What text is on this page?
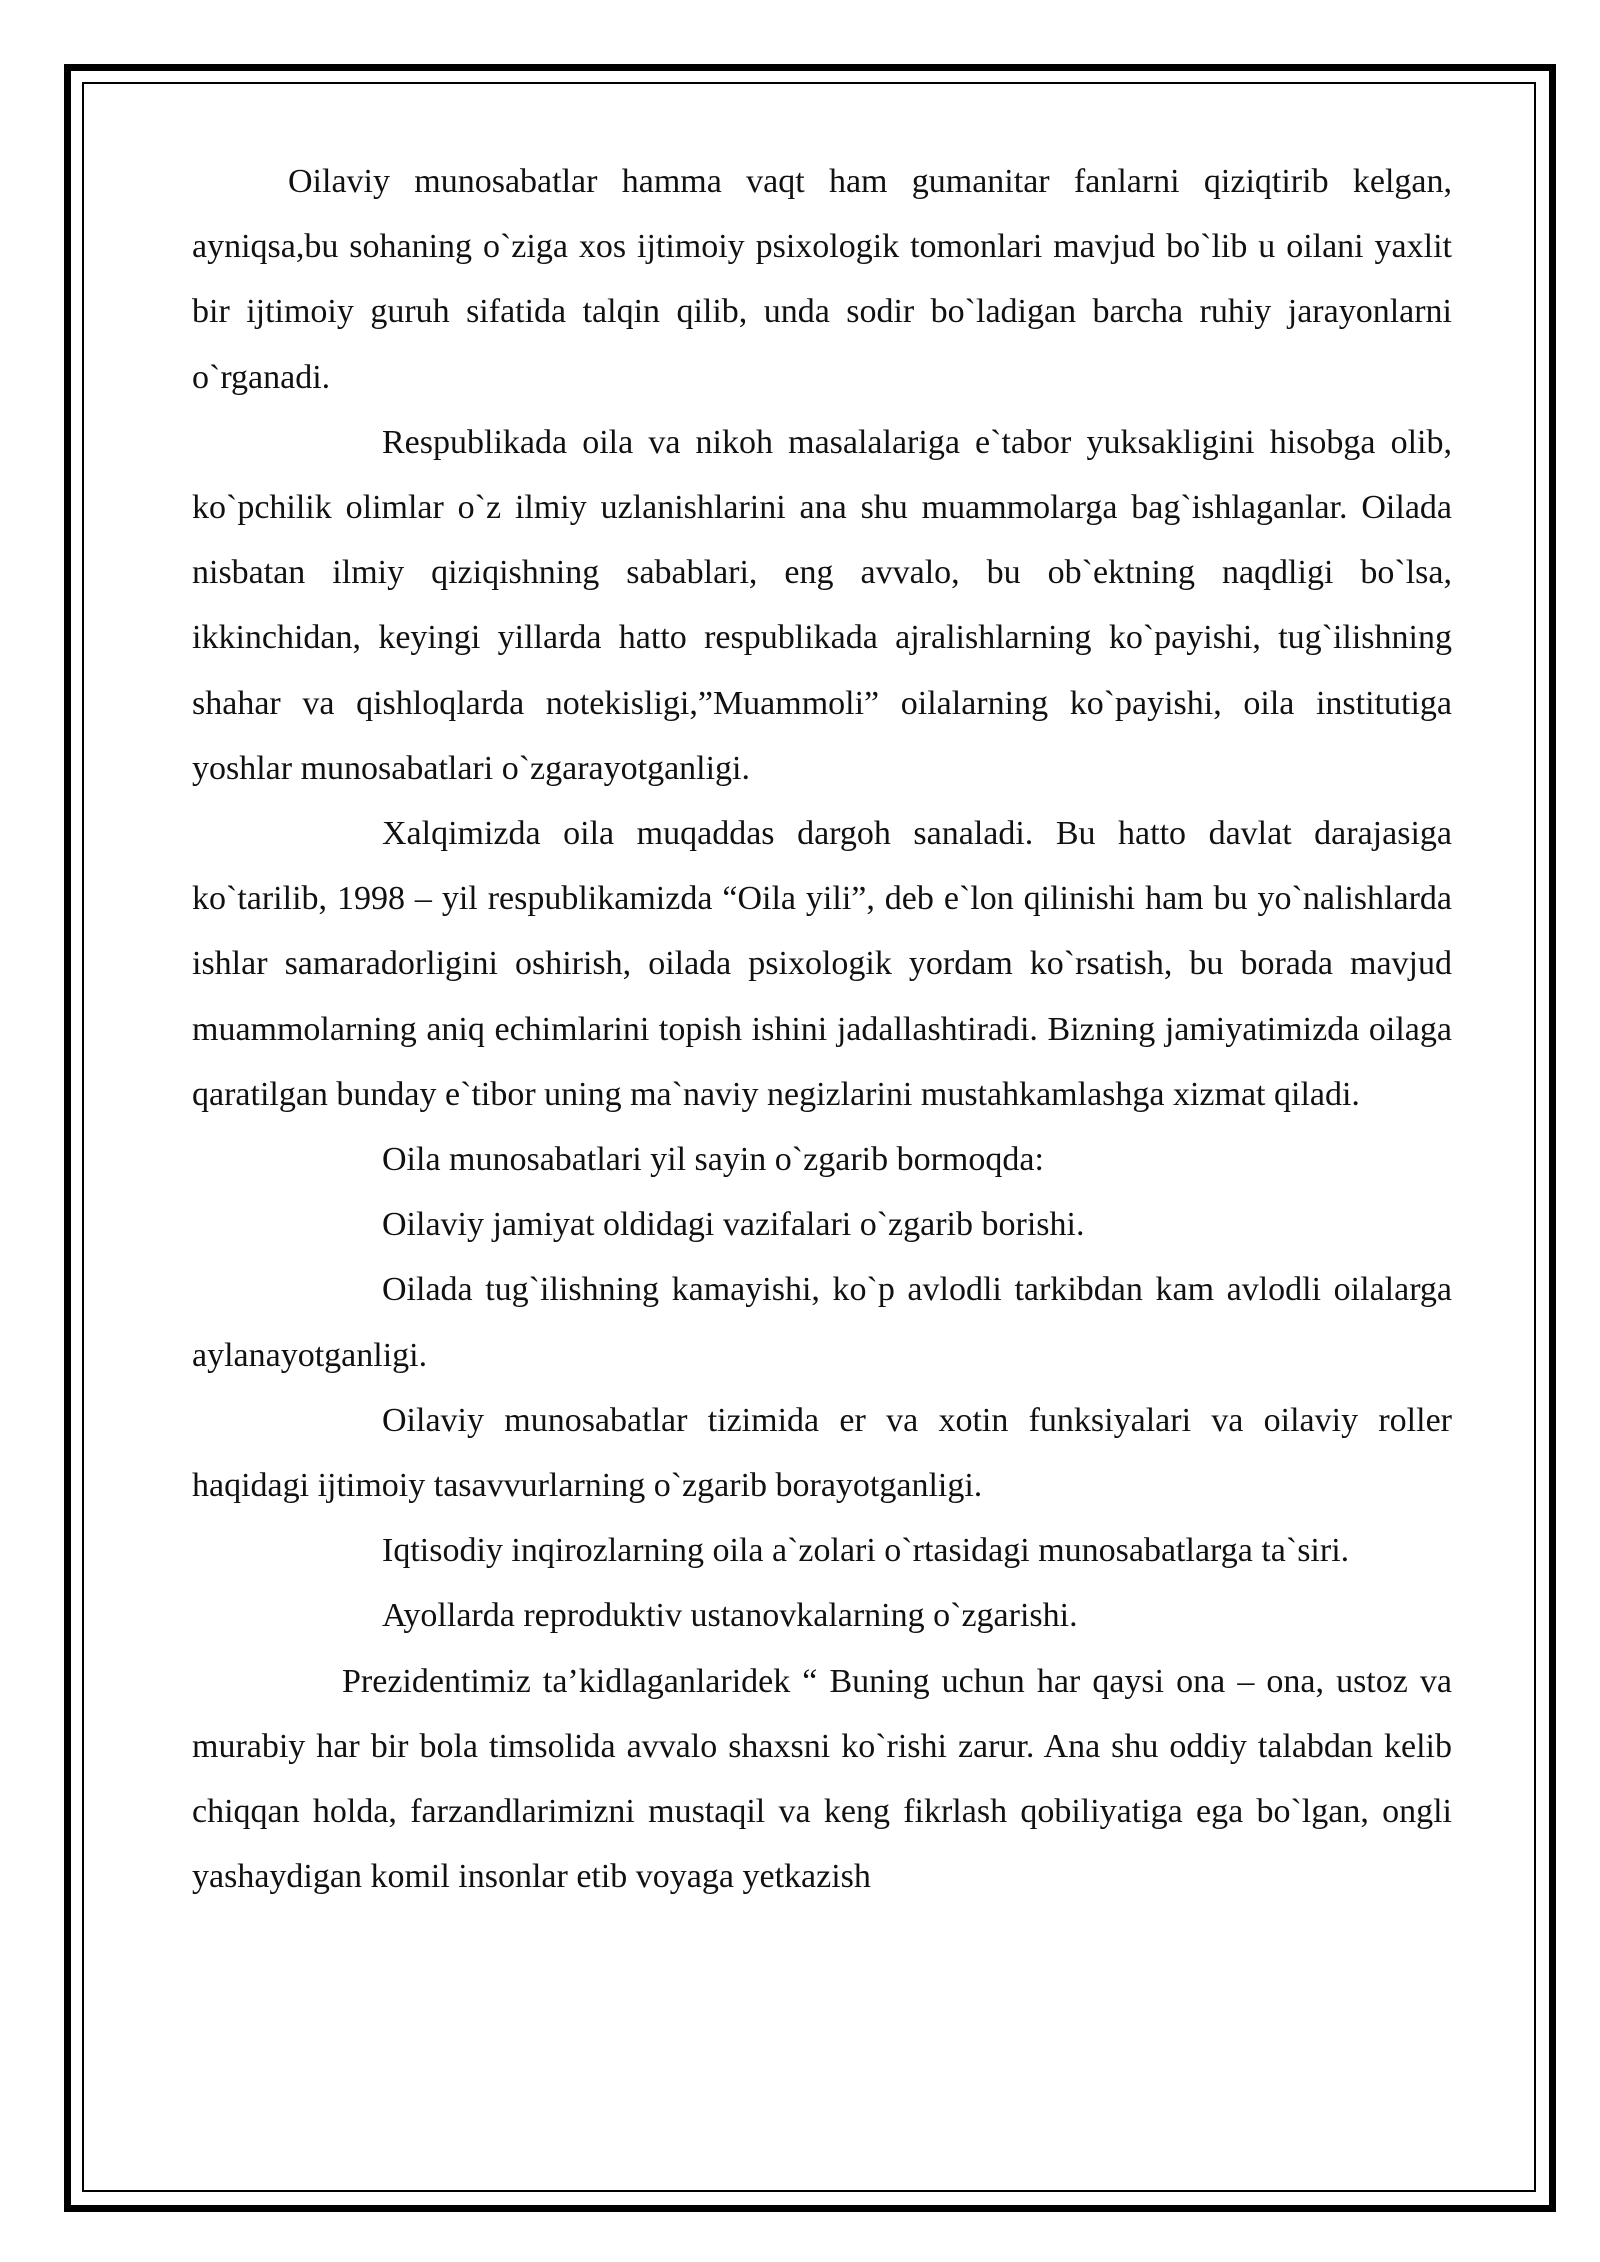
Oilaviy munosabatlar hamma vaqt ham gumanitar fanlarni qiziqtirib kelgan, ayniqsa,bu sohaning o`ziga xos ijtimoiy psixologik tomonlari mavjud bo`lib u oilani yaxlit bir ijtimoiy guruh sifatida talqin qilib, unda sodir bo`ladigan barcha ruhiy jarayonlarni o`rganadi.

Respublikada oila va nikoh masalalariga e`tabor yuksakligini hisobga olib, ko`pchilik olimlar o`z ilmiy uzlanishlarini ana shu muammolarga bag`ishlaganlar. Oilada nisbatan ilmiy qiziqishning sabablari, eng avvalo, bu ob`ektning naqdligi bo`lsa, ikkinchidan, keyingi yillarda hatto respublikada ajralishlarning ko`payishi, tug`ilishning shahar va qishloqlarda notekisligi,”Muammoli” oilalarning ko`payishi, oila institutiga yoshlar munosabatlari o`zgarayotganligi.

Xalqimizda oila muqaddas dargoh sanaladi. Bu hatto davlat darajasiga ko`tarilib, 1998 – yil respublikamizda “Oila yili”, deb e`lon qilinishi ham bu yo`nalishlarda ishlar samaradorligini oshirish, oilada psixologik yordam ko`rsatish, bu borada mavjud muammolarning aniq echimlarini topish ishini jadallashtiradi. Bizning jamiyatimizda oilaga qaratilgan bunday e`tibor uning ma`naviy negizlarini mustahkamlashga xizmat qiladi.

Oila munosabatlari yil sayin o`zgarib bormoqda:

Oilaviy jamiyat oldidagi vazifalari o`zgarib borishi.

Oilada tug`ilishning kamayishi, ko`p avlodli tarkibdan kam avlodli oilalarga aylanayotganligi.

Oilaviy munosabatlar tizimida er va xotin funksiyalari va oilaviy roller haqidagi ijtimoiy tasavvurlarning o`zgarib borayotganligi.

Iqtisodiy inqirozlarning oila a`zolari o`rtasidagi munosabatlarga ta`siri.

Ayollarda reproduktiv ustanovkalarning o`zgarishi.

Prezidentimiz ta’kidlaganlaridek “ Buning uchun har qaysi ona – ona, ustoz va murabiy har bir bola timsolida avvalo shaxsni ko`rishi zarur. Ana shu oddiy talabdan kelib chiqqan holda, farzandlarimizni mustaqil va keng fikrlash qobiliyatiga ega bo`lgan, ongli yashaydigan komil insonlar etib voyaga yetkazish
